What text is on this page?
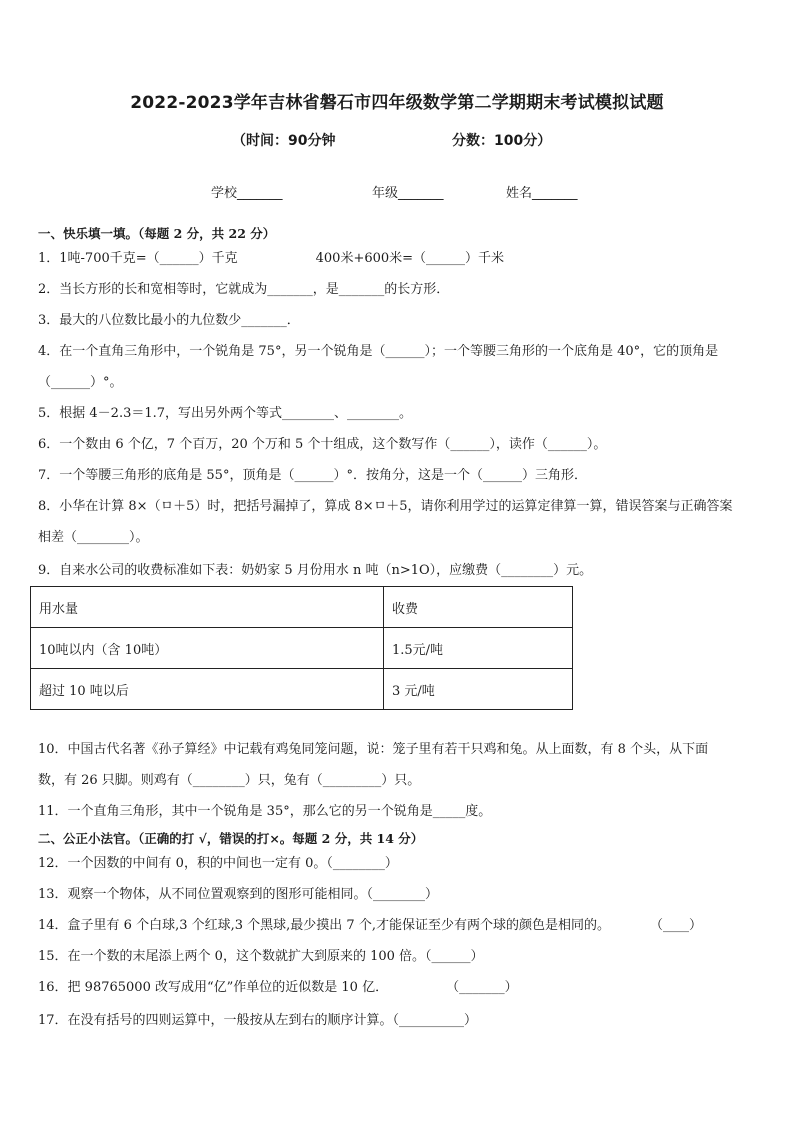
2022-2023学年吉林省磐石市四年级数学第二学期期末考试模拟试题
（时间：90分钟	分数：100分）
学校_______	年级_______	姓名_______
一、快乐填一填。（每题 2 分，共 22 分）
1．1吨-700千克=（______）千克	400米+600米=（______）千米
2．当长方形的长和宽相等时，它就成为_______，是_______的长方形．
3．最大的八位数比最小的九位数少_______．
4．在一个直角三角形中，一个锐角是 75°，另一个锐角是（______）；一个等腰三角形的一个底角是 40°，它的顶角是
（______）°。
5．根据 4－2.3＝1.7，写出另外两个等式________、________。
6．一个数由 6 个亿，7 个百万，20 个万和 5 个十组成，这个数写作（______），读作（______）。
7．一个等腰三角形的底角是 55°，顶角是（______）°．按角分，这是一个（______）三角形．
8．小华在计算 8×（ㅁ＋5）时，把括号漏掉了，算成 8×ㅁ＋5，请你利用学过的运算定律算一算，错误答案与正确答案
相差（________）。
9．自来水公司的收费标准如下表：奶奶家 5 月份用水 n 吨（n>1O），应缴费（________）元。
用水量	收费
10吨以内（含 10吨）	1.5元/吨
超过 10 吨以后	3 元/吨
10．中国古代名著《孙子算经》中记载有鸡兔同笼问题，说：笼子里有若干只鸡和兔。从上面数，有 8 个头，从下面
数，有 26 只脚。则鸡有（________）只，兔有（_________）只。
11．一个直角三角形，其中一个锐角是 35°，那么它的另一个锐角是_____度。
二、公正小法官。（正确的打 √，错误的打×。每题 2 分，共 14 分）
12．一个因数的中间有 0，积的中间也一定有 0。（________）
13．观察一个物体，从不同位置观察到的图形可能相同。（________）
14．盒子里有 6 个白球,3 个红球,3 个黑球,最少摸出 7 个,才能保证至少有两个球的颜色是相同的。	（____）
15．在一个数的末尾添上两个 0，这个数就扩大到原来的 100 倍。（______）
16．把 98765000 改写成用“亿”作单位的近似数是 10 亿．	（_______）
17．在没有括号的四则运算中，一般按从左到右的顺序计算。（__________）
